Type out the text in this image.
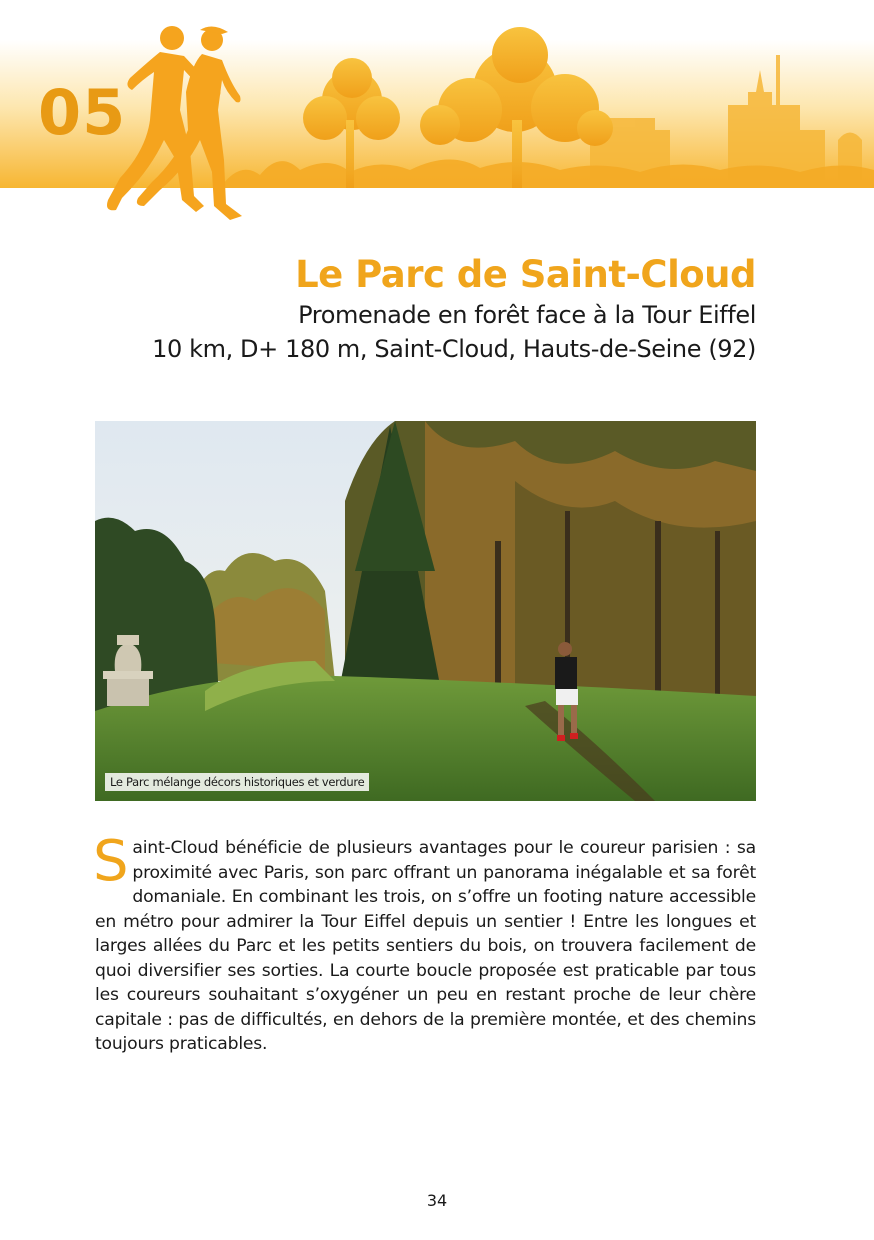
05
Le Parc de Saint-Cloud

Promenade en forêt face à la Tour Eiffel

10 km, D+ 180 m, Saint-Cloud, Hauts-de-Seine (92)

Le Parc mélange décors historiques et verdure
Saint-Cloud bénéficie de plusieurs avantages pour le coureur parisien : sa proximité avec Paris, son parc offrant un panorama inégalable et sa forêt domaniale. En combinant les trois, on s’offre un footing nature accessible en métro pour admirer la Tour Eiffel depuis un sentier ! Entre les longues et larges allées du Parc et les petits sentiers du bois, on trouvera facilement de quoi diversifier ses sorties. La courte boucle proposée est praticable par tous les coureurs souhaitant s’oxygéner un peu en restant proche de leur chère capitale : pas de difficultés, en dehors de la première montée, et des chemins toujours praticables.
34
